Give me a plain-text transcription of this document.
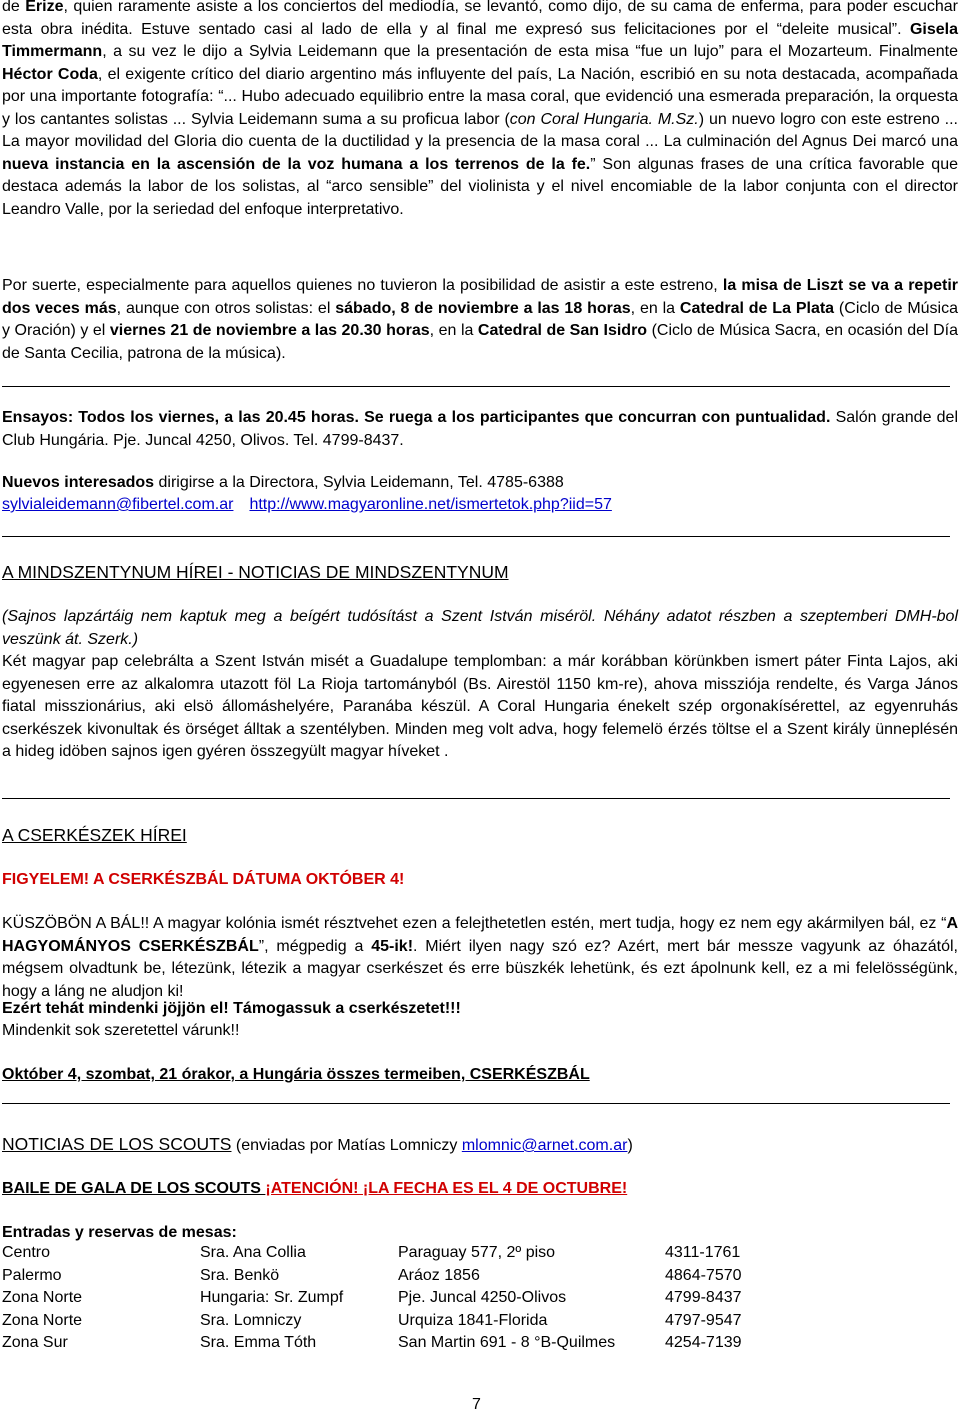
de Erize, quien raramente asiste a los conciertos del mediodía, se levantó, como dijo, de su cama de enferma, para poder escuchar esta obra inédita. Estuve sentado casi al lado de ella y al final me expresó sus felicitaciones por el “deleite musical”. Gisela Timmermann, a su vez le dijo a Sylvia Leidemann que la presentación de esta misa “fue un lujo” para el Mozarteum. Finalmente Héctor Coda, el exigente crítico del diario argentino más influyente del país, La Nación, escribió en su nota destacada, acompañada por una importante fotografía: “... Hubo adecuado equilibrio entre la masa coral, que evidenció una esmerada preparación, la orquesta y los cantantes solistas ... Sylvia Leidemann suma a su proficua labor (con Coral Hungaria. M.Sz.) un nuevo logro con este estreno ... La mayor movilidad del Gloria dio cuenta de la ductilidad y la presencia de la masa coral ... La culminación del Agnus Dei marcó una nueva instancia en la ascensión de la voz humana a los terrenos de la fe.” Son algunas frases de una crítica favorable que destaca además la labor de los solistas, al “arco sensible” del violinista y el nivel encomiable de la labor conjunta con el director Leandro Valle, por la seriedad del enfoque interpretativo.

Por suerte, especialmente para aquellos quienes no tuvieron la posibilidad de asistir a este estreno, la misa de Liszt se va a repetir dos veces más, aunque con otros solistas: el sábado, 8 de noviembre a las 18 horas, en la Catedral de La Plata (Ciclo de Música y Oración) y el viernes 21 de noviembre a las 20.30 horas, en la Catedral de San Isidro (Ciclo de Música Sacra, en ocasión del Día de Santa Cecilia, patrona de la música).

Ensayos: Todos los viernes, a las 20.45 horas. Se ruega a los participantes que concurran con puntualidad. Salón grande del Club Hungária. Pje. Juncal 4250, Olivos. Tel. 4799-8437.

Nuevos interesados dirigirse a la Directora, Sylvia Leidemann, Tel. 4785-6388

sylvialeidemann@fibertel.com.ar http://www.magyaronline.net/ismertetok.php?iid=57

A MINDSZENTYNUM HÍREI - NOTICIAS DE MINDSZENTYNUM

(Sajnos lapzártáig nem kaptuk meg a beígért tudósítást a Szent István miséröl. Néhány adatot részben a szeptemberi DMH-bol veszünk át. Szerk.)

Két magyar pap celebrálta a Szent István misét a Guadalupe templomban: a már korábban körünkben ismert páter Finta Lajos, aki egyenesen erre az alkalomra utazott föl La Rioja tartományból (Bs. Airestöl 1150 km-re), ahova missziója rendelte, és Varga János fiatal misszionárius, aki elsö állomáshelyére, Paranába készül. A Coral Hungaria énekelt szép orgonakísérettel, az egyenruhás cserkészek kivonultak és örséget álltak a szentélyben. Minden meg volt adva, hogy felemelö érzés töltse el a Szent király ünneplésén a hideg idöben sajnos igen gyéren összegyült magyar híveket .

A CSERKÉSZEK HÍREI

FIGYELEM! A CSERKÉSZBÁL DÁTUMA OKTÓBER 4!

KÜSZÖBÖN A BÁL!! A magyar kolónia ismét résztvehet ezen a felejthetetlen estén, mert tudja, hogy ez nem egy akármilyen bál, ez “A HAGYOMÁNYOS CSERKÉSZBÁL”, mégpedig a 45-ik!. Miért ilyen nagy szó ez? Azért, mert bár messze vagyunk az óhazától, mégsem olvadtunk be, létezünk, létezik a magyar cserkészet és erre büszkék lehetünk, és ezt ápolnunk kell, ez a mi felelösségünk, hogy a láng ne aludjon ki!

Ezért tehát mindenki jöjjön el! Támogassuk a cserkészetet!!!

Mindenkit sok szeretettel várunk!!

Október 4, szombat, 21 órakor, a Hungária összes termeiben, CSERKÉSZBÁL

NOTICIAS DE LOS SCOUTS (enviadas por Matías Lomniczy mlomnic@arnet.com.ar)

BAILE DE GALA DE LOS SCOUTS ¡ATENCIÓN! ¡LA FECHA ES EL 4 DE OCTUBRE!

Entradas y reservas de mesas:

Centro	Sra. Ana Collia	Paraguay 577, 2º piso	4311-1761
Palermo	Sra. Benkö	Aráoz 1856	4864-7570
Zona Norte	Hungaria: Sr. Zumpf	Pje. Juncal 4250-Olivos	4799-8437
Zona Norte	Sra. Lomniczy	Urquiza 1841-Florida	4797-9547
Zona Sur	Sra. Emma Tóth	San Martin 691 - 8 °B-Quilmes	4254-7139
7
